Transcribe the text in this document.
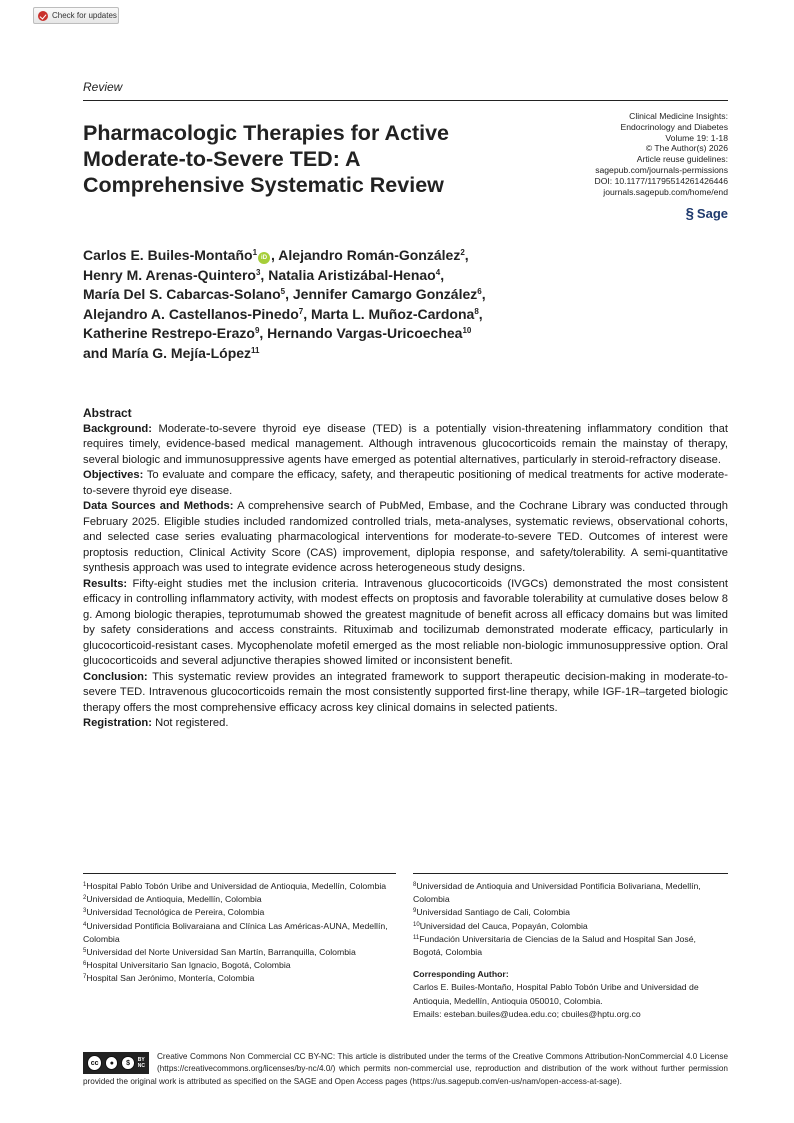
Check for updates
Review
Pharmacologic Therapies for Active Moderate-to-Severe TED: A Comprehensive Systematic Review
Clinical Medicine Insights:
Endocrinology and Diabetes
Volume 19: 1-18
© The Author(s) 2026
Article reuse guidelines:
sagepub.com/journals-permissions
DOI: 10.1177/11795514261426446
journals.sagepub.com/home/end
§ Sage
Carlos E. Builes-Montaño$^1$iD , Alejandro Román-González$^2$,
Henry M. Arenas-Quintero$^3$, Natalia Aristizábal-Henao$^4$,
María Del S. Cabarcas-Solano$^5$, Jennifer Camargo González$^6$,
Alejandro A. Castellanos-Pinedo$^7$, Marta L. Muñoz-Cardona$^8$,
Katherine Restrepo-Erazo$^9$, Hernando Vargas-Uricoechea$^{10}$
and María G. Mejía-López$^{11}$
Abstract

Background: Moderate-to-severe thyroid eye disease (TED) is a potentially vision-threatening inflammatory condition that requires timely, evidence-based medical management. Although intravenous glucocorticoids remain the mainstay of therapy, several biologic and immunosuppressive agents have emerged as potential alternatives, particularly in steroid-refractory disease.

Objectives: To evaluate and compare the efficacy, safety, and therapeutic positioning of medical treatments for active moderate-to-severe thyroid eye disease.

Data Sources and Methods: A comprehensive search of PubMed, Embase, and the Cochrane Library was conducted through February 2025. Eligible studies included randomized controlled trials, meta-analyses, systematic reviews, observational cohorts, and selected case series evaluating pharmacological interventions for moderate-to-severe TED. Outcomes of interest were proptosis reduction, Clinical Activity Score (CAS) improvement, diplopia response, and safety/tolerability. A semi-quantitative synthesis approach was used to integrate evidence across heterogeneous study designs.

Results: Fifty-eight studies met the inclusion criteria. Intravenous glucocorticoids (IVGCs) demonstrated the most consistent efficacy in controlling inflammatory activity, with modest effects on proptosis and favorable tolerability at cumulative doses below 8 g. Among biologic therapies, teprotumumab showed the greatest magnitude of benefit across all efficacy domains but was limited by safety considerations and access constraints. Rituximab and tocilizumab demonstrated moderate efficacy, particularly in glucocorticoid-resistant cases. Mycophenolate mofetil emerged as the most reliable non-biologic immunosuppressive option. Oral glucocorticoids and several adjunctive therapies showed limited or inconsistent benefit.

Conclusion: This systematic review provides an integrated framework to support therapeutic decision-making in moderate-to-severe TED. Intravenous glucocorticoids remain the most consistently supported first-line therapy, while IGF-1R–targeted biologic therapy offers the most comprehensive efficacy across key clinical domains in selected patients.

Registration: Not registered.

$^1$Hospital Pablo Tobón Uribe and Universidad de Antioquia, Medellín, Colombia
$^2$Universidad de Antioquia, Medellín, Colombia
$^3$Universidad Tecnológica de Pereira, Colombia
$^4$Universidad Pontificia Bolivaraiana and Clínica Las Américas-AUNA, Medellín, Colombia
$^5$Universidad del Norte Universidad San Martín, Barranquilla, Colombia
$^6$Hospital Universitario San Ignacio, Bogotá, Colombia
$^7$Hospital San Jerónimo, Montería, Colombia
$^8$Universidad de Antioquia and Universidad Pontificia Bolivariana, Medellín, Colombia
$^9$Universidad Santiago de Cali, Colombia
$^{10}$Universidad del Cauca, Popayán, Colombia
$^{11}$Fundación Universitaria de Ciencias de la Salud and Hospital San José, Bogotá, Colombia
Corresponding Author:
Carlos E. Builes-Montaño, Hospital Pablo Tobón Uribe and Universidad de Antioquia, Medellín, Antioquia 050010, Colombia.
Emails: esteban.builes@udea.edu.co; cbuiles@hptu.org.co
cc	●	$	BY
NC
Creative Commons Non Commercial CC BY-NC: This article is distributed under the terms of the Creative Commons Attribution-NonCommercial 4.0 License (https://creativecommons.org/licenses/by-nc/4.0/) which permits non-commercial use, reproduction and distribution of the work without further permission provided the original work is attributed as specified on the SAGE and Open Access pages (https://us.sagepub.com/en-us/nam/open-access-at-sage).
